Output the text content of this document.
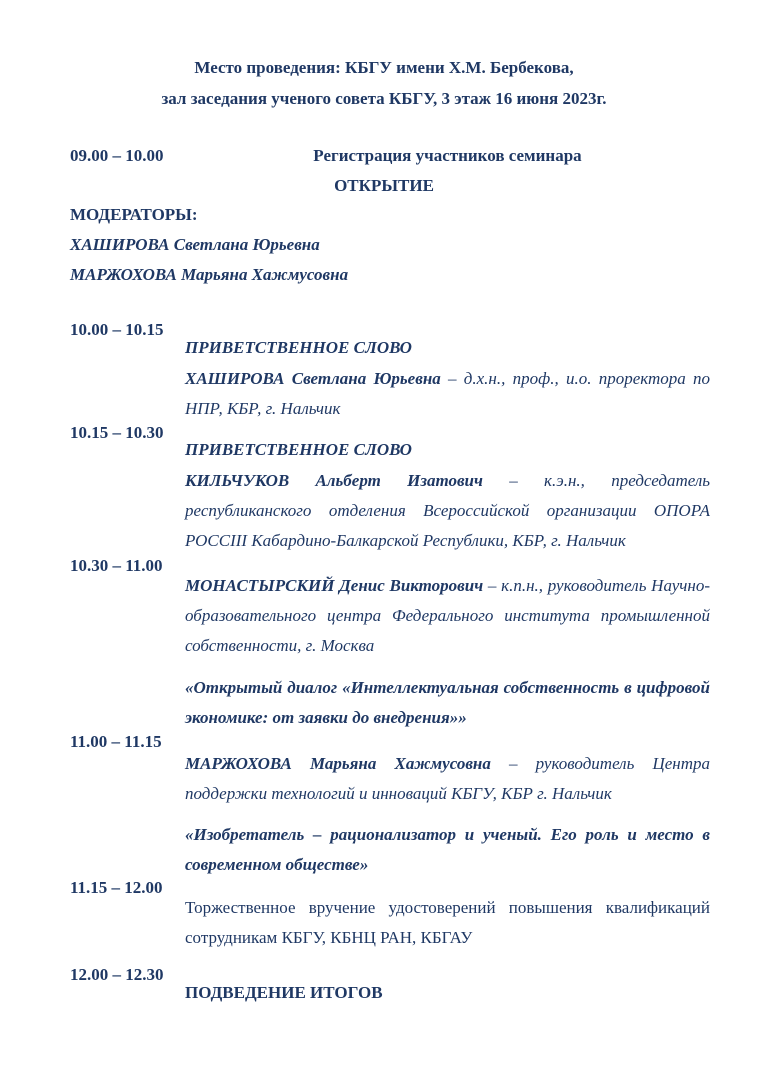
Место проведения: КБГУ имени Х.М. Бербекова,
зал заседания ученого совета КБГУ, 3 этаж 16 июня 2023г.
09.00 – 10.00	Регистрация участников семинара
ОТКРЫТИЕ
МОДЕРАТОРЫ:
ХАШИРОВА Светлана Юрьевна
МАРЖОХОВА Марьяна Хажмусовна
10.00 – 10.15
ПРИВЕТСТВЕННОЕ СЛОВО
ХАШИРОВА Светлана Юрьевна – д.х.н., проф., и.о. проректора по НПР, КБР, г. Нальчик
10.15 – 10.30
ПРИВЕТСТВЕННОЕ СЛОВО
КИЛЬЧУКОВ Альберт Изатович – к.э.н., председатель республиканского отделения Всероссийской организации ОПОРА РОССIII Кабардино-Балкарской Республики, КБР, г. Нальчик
10.30 – 11.00
МОНАСТЫРСКИЙ Денис Викторович – к.п.н., руководитель Научно-образовательного центра Федерального института промышленной собственности, г. Москва
«Открытый диалог «Интеллектуальная собственность в цифровой экономике: от заявки до внедрения»»
11.00 – 11.15
МАРЖОХОВА Марьяна Хажмусовна – руководитель Центра поддержки технологий и инноваций КБГУ, КБР г. Нальчик
«Изобретатель – рационализатор и ученый. Его роль и место в современном обществе»
11.15 – 12.00
Торжественное вручение удостоверений повышения квалификаций сотрудникам КБГУ, КБНЦ РАН, КБГАУ
12.00 – 12.30
ПОДВЕДЕНИЕ ИТОГОВ
